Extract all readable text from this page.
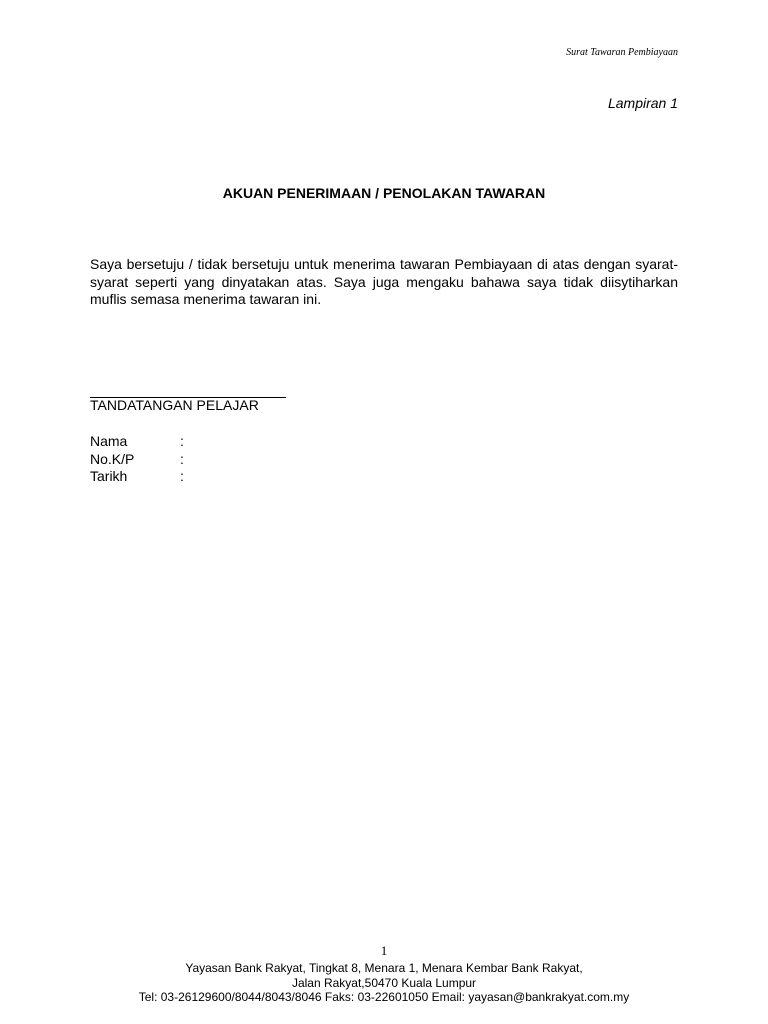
Surat Tawaran Pembiayaan
Lampiran 1
AKUAN PENERIMAAN / PENOLAKAN TAWARAN
Saya bersetuju / tidak bersetuju untuk menerima tawaran Pembiayaan di atas dengan syarat-syarat seperti yang dinyatakan atas. Saya juga mengaku bahawa saya tidak diisytiharkan muflis semasa menerima tawaran ini.
TANDATANGAN PELAJAR
Nama	:
No.K/P	:
Tarikh	:
1
Yayasan Bank Rakyat, Tingkat 8, Menara 1, Menara Kembar Bank Rakyat,
Jalan Rakyat,50470 Kuala Lumpur
Tel: 03-26129600/8044/8043/8046 Faks: 03-22601050 Email: yayasan@bankrakyat.com.my
